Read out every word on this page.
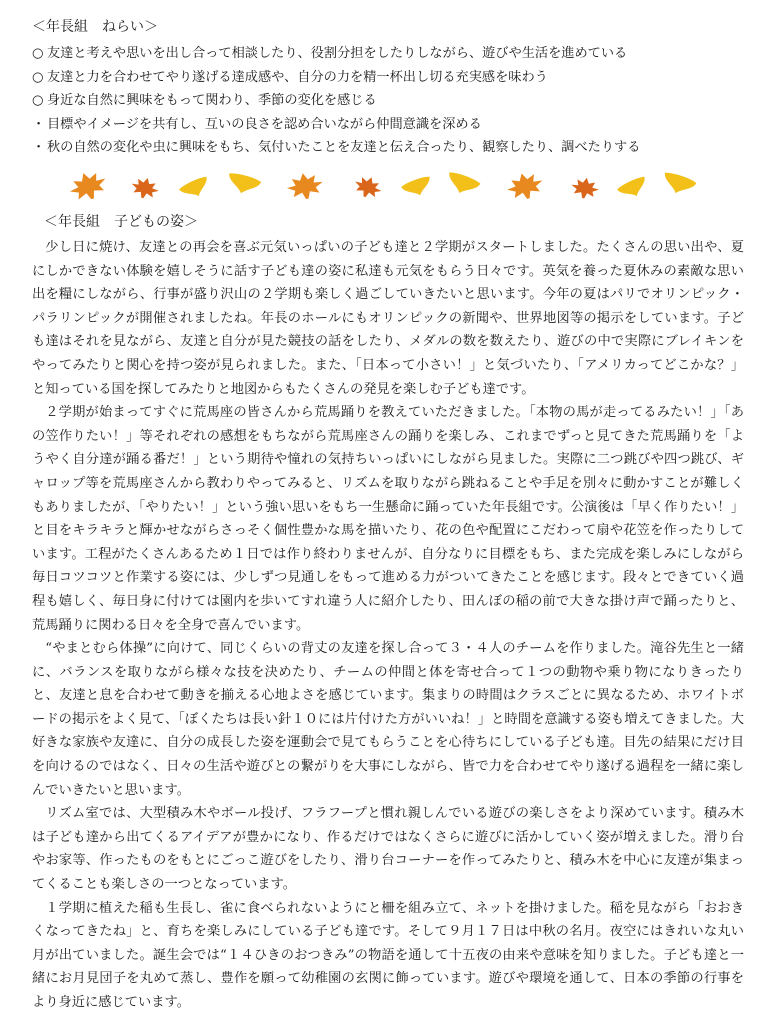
＜年長組　ねらい＞
○ 友達と考えや思いを出し合って相談したり、役割分担をしたりしながら、遊びや生活を進めている
○ 友達と力を合わせてやり遂げる達成感や、自分の力を精一杯出し切る充実感を味わう
○ 身近な自然に興味をもって関わり、季節の変化を感じる
・ 目標やイメージを共有し、互いの良さを認め合いながら仲間意識を深める
・ 秋の自然の変化や虫に興味をもち、気付いたことを友達と伝え合ったり、観察したり、調べたりする
＜年長組　子どもの姿＞

少し日に焼け、友達との再会を喜ぶ元気いっぱいの子ども達と２学期がスタートしました。たくさんの思い出や、夏にしかできない体験を嬉しそうに話す子ども達の姿に私達も元気をもらう日々です。英気を養った夏休みの素敵な思い出を糧にしながら、行事が盛り沢山の２学期も楽しく過ごしていきたいと思います。今年の夏はパリでオリンピック・パラリンピックが開催されましたね。年長のホールにもオリンピックの新聞や、世界地図等の掲示をしています。子ども達はそれを見ながら、友達と自分が見た競技の話をしたり、メダルの数を数えたり、遊びの中で実際にブレイキンをやってみたりと関心を持つ姿が見られました。また、「日本って小さい！」と気づいたり、「アメリカってどこかな？」と知っている国を探してみたりと地図からもたくさんの発見を楽しむ子ども達です。

２学期が始まってすぐに荒馬座の皆さんから荒馬踊りを教えていただきました。「本物の馬が走ってるみたい！」「あの笠作りたい！」等それぞれの感想をもちながら荒馬座さんの踊りを楽しみ、これまでずっと見てきた荒馬踊りを「ようやく自分達が踊る番だ！」という期待や憧れの気持ちいっぱいにしながら見ました。実際に二つ跳びや四つ跳び、ギャロップ等を荒馬座さんから教わりやってみると、リズムを取りながら跳ねることや手足を別々に動かすことが難しくもありましたが、「やりたい！」という強い思いをもち一生懸命に踊っていた年長組です。公演後は「早く作りたい！」と目をキラキラと輝かせながらさっそく個性豊かな馬を描いたり、花の色や配置にこだわって扇や花笠を作ったりしています。工程がたくさんあるため１日では作り終わりませんが、自分なりに目標をもち、また完成を楽しみにしながら毎日コツコツと作業する姿には、少しずつ見通しをもって進める力がついてきたことを感じます。段々とできていく過程も嬉しく、毎日身に付けては園内を歩いてすれ違う人に紹介したり、田んぼの稲の前で大きな掛け声で踊ったりと、荒馬踊りに関わる日々を全身で喜んでいます。

“やまとむら体操”に向けて、同じくらいの背丈の友達を探し合って３・４人のチームを作りました。滝谷先生と一緒に、バランスを取りながら様々な技を決めたり、チームの仲間と体を寄せ合って１つの動物や乗り物になりきったりと、友達と息を合わせて動きを揃える心地よさを感じています。集まりの時間はクラスごとに異なるため、ホワイトボードの掲示をよく見て、「ぼくたちは長い針１０には片付けた方がいいね！」と時間を意識する姿も増えてきました。大好きな家族や友達に、自分の成長した姿を運動会で見てもらうことを心待ちにしている子ども達。目先の結果にだけ目を向けるのではなく、日々の生活や遊びとの繋がりを大事にしながら、皆で力を合わせてやり遂げる過程を一緒に楽しんでいきたいと思います。

リズム室では、大型積み木やボール投げ、フラフープと慣れ親しんでいる遊びの楽しさをより深めています。積み木は子ども達から出てくるアイデアが豊かになり、作るだけではなくさらに遊びに活かしていく姿が増えました。滑り台やお家等、作ったものをもとにごっこ遊びをしたり、滑り台コーナーを作ってみたりと、積み木を中心に友達が集まってくることも楽しさの一つとなっています。

１学期に植えた稲も生長し、雀に食べられないようにと柵を組み立て、ネットを掛けました。稲を見ながら「おおきくなってきたね」と、育ちを楽しみにしている子ども達です。そして９月１７日は中秋の名月。夜空にはきれいな丸い月が出ていました。誕生会では“１４ひきのおつきみ”の物語を通して十五夜の由来や意味を知りました。子ども達と一緒にお月見団子を丸めて蒸し、豊作を願って幼稚園の玄関に飾っています。遊びや環境を通して、日本の季節の行事をより身近に感じています。
